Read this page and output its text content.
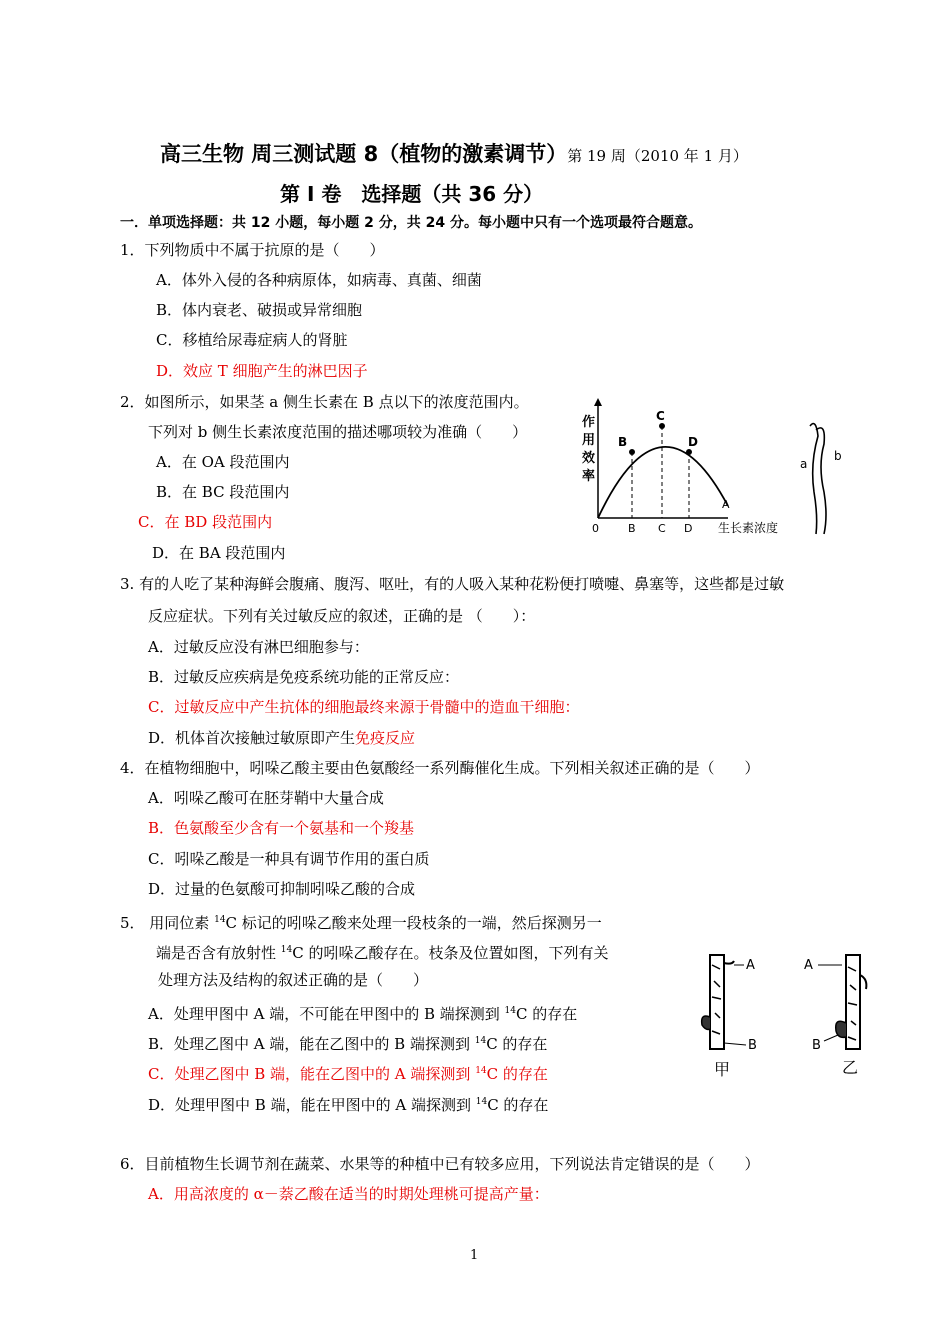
高三生物 周三测试题 8（植物的激素调节）第 19 周（2010 年 1 月）
第 I 卷　选择题（共 36 分）
一．单项选择题：共 12 小题，每小题 2 分，共 24 分。每小题中只有一个选项最符合题意。
1．下列物质中不属于抗原的是（　　）
A．体外入侵的各种病原体，如病毒、真菌、细菌
B．体内衰老、破损或异常细胞
C．移植给尿毒症病人的肾脏
D．效应 T 细胞产生的淋巴因子
2．如图所示，如果茎 a 侧生长素在 B 点以下的浓度范围内。
下列对 b 侧生长素浓度范围的描述哪项较为准确（　　）
A．在 OA 段范围内
B．在 BC 段范围内
C．在 BD 段范围内
D．在 BA 段范围内
作
用
效
率
B
C
D
A
0	B C D 生长素浓度
a
b
3. 有的人吃了某种海鲜会腹痛、腹泻、呕吐，有的人吸入某种花粉便打喷嚏、鼻塞等，这些都是过敏
反应症状。下列有关过敏反应的叙述，正确的是 （　　）：
A．过敏反应没有淋巴细胞参与：
B．过敏反应疾病是免疫系统功能的正常反应：
C．过敏反应中产生抗体的细胞最终来源于骨髓中的造血干细胞：
D．机体首次接触过敏原即产生免疫反应
4．在植物细胞中，吲哚乙酸主要由色氨酸经一系列酶催化生成。下列相关叙述正确的是（　　）
A．吲哚乙酸可在胚芽鞘中大量合成
B．色氨酸至少含有一个氨基和一个羧基
C．吲哚乙酸是一种具有调节作用的蛋白质
D．过量的色氨酸可抑制吲哚乙酸的合成
5． 用同位素 $^{14}$C 标记的吲哚乙酸来处理一段枝条的一端，然后探测另一
端是否含有放射性 $^{14}$C 的吲哚乙酸存在。枝条及位置如图，下列有关
处理方法及结构的叙述正确的是（　　）
A．处理甲图中 A 端，不可能在甲图中的 B 端探测到 $^{14}$C 的存在
B．处理乙图中 A 端，能在乙图中的 B 端探测到 $^{14}$C 的存在
C．处理乙图中 B 端，能在乙图中的 A 端探测到 $^{14}$C 的存在
D．处理甲图中 B 端，能在甲图中的 A 端探测到 $^{14}$C 的存在
A
B
甲
A
B
乙
6．目前植物生长调节剂在蔬菜、水果等的种植中已有较多应用，下列说法肯定错误的是（　　）
A．用高浓度的 α－萘乙酸在适当的时期处理桃可提高产量：
1
